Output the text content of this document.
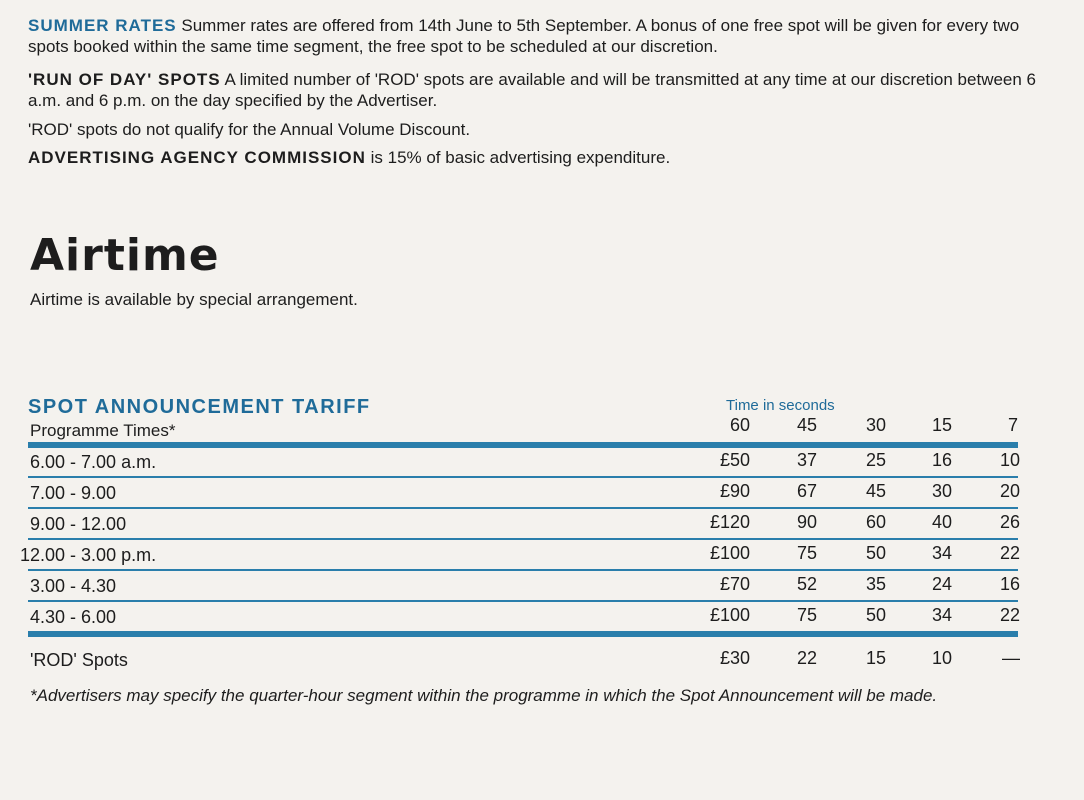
SUMMER RATES Summer rates are offered from 14th June to 5th September. A bonus of one free spot will be given for every two spots booked within the same time segment, the free spot to be scheduled at our discretion.

'RUN OF DAY' SPOTS A limited number of 'ROD' spots are available and will be transmitted at any time at our discretion between 6 a.m. and 6 p.m. on the day specified by the Advertiser.

'ROD' spots do not qualify for the Annual Volume Discount.

ADVERTISING AGENCY COMMISSION is 15% of basic advertising expenditure.

Airtime
Airtime is available by special arrangement.
SPOT ANNOUNCEMENT TARIFF
Programme Times*
Time in seconds
60	45	30	15	7
6.00 - 7.00 a.m.	£50	37	25	16	10
7.00 - 9.00	£90	67	45	30	20
9.00 - 12.00	£120	90	60	40	26
12.00 - 3.00 p.m.	£100	75	50	34	22
3.00 - 4.30	£70	52	35	24	16
4.30 - 6.00	£100	75	50	34	22
'ROD' Spots	£30	22	15	10	—
*Advertisers may specify the quarter-hour segment within the programme in which the Spot Announcement will be made.
